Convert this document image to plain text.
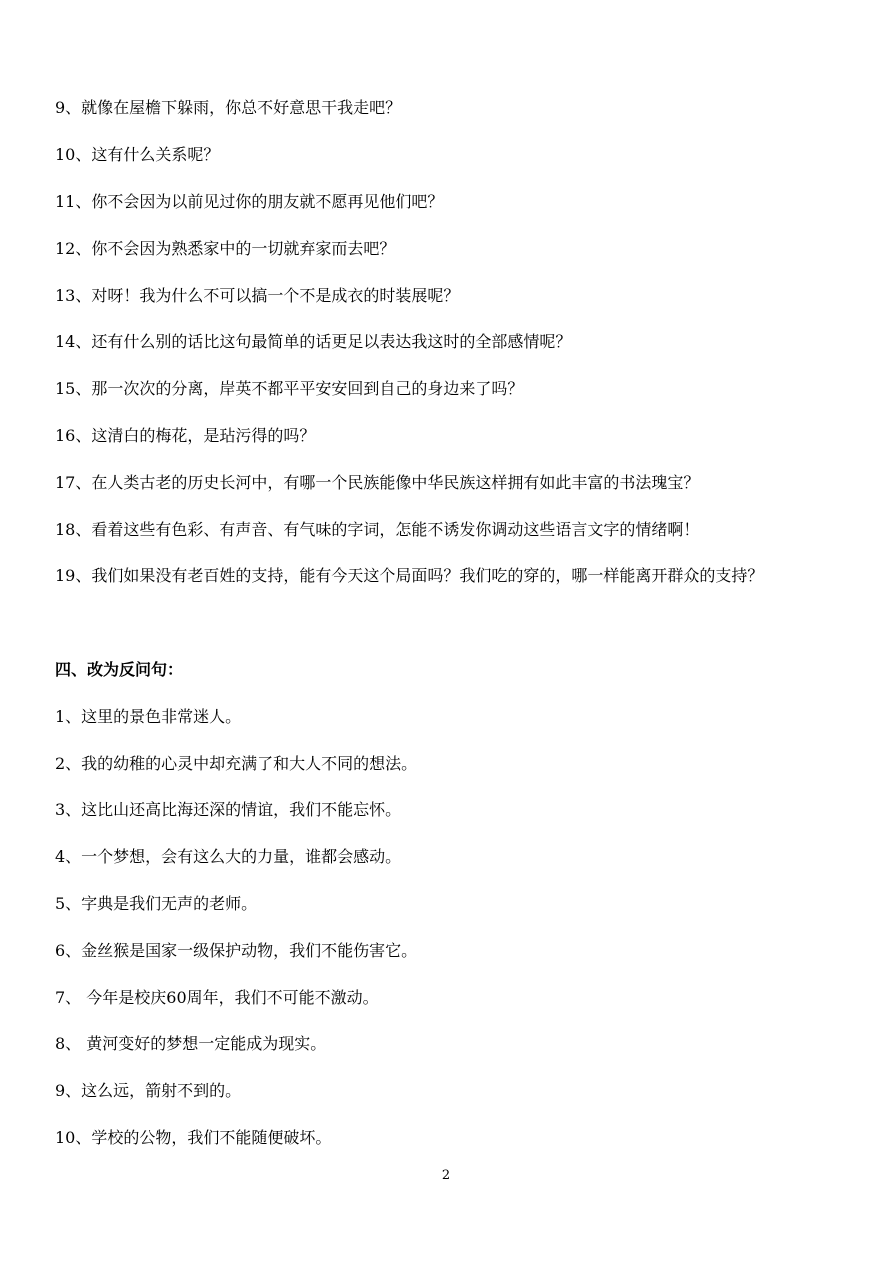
9、就像在屋檐下躲雨，你总不好意思干我走吧？
10、这有什么关系呢？
11、你不会因为以前见过你的朋友就不愿再见他们吧？
12、你不会因为熟悉家中的一切就弃家而去吧？
13、对呀！我为什么不可以搞一个不是成衣的时装展呢？
14、还有什么别的话比这句最简单的话更足以表达我这时的全部感情呢？
15、那一次次的分离，岸英不都平平安安回到自己的身边来了吗？
16、这清白的梅花，是玷污得的吗？
17、在人类古老的历史长河中，有哪一个民族能像中华民族这样拥有如此丰富的书法瑰宝？
18、看着这些有色彩、有声音、有气味的字词，怎能不诱发你调动这些语言文字的情绪啊！
19、我们如果没有老百姓的支持，能有今天这个局面吗？我们吃的穿的，哪一样能离开群众的支持？
四、改为反问句：
1、这里的景色非常迷人。
2、我的幼稚的心灵中却充满了和大人不同的想法。
3、这比山还高比海还深的情谊，我们不能忘怀。
4、一个梦想，会有这么大的力量，谁都会感动。
5、字典是我们无声的老师。
6、金丝猴是国家一级保护动物，我们不能伤害它。
7、 今年是校庆60周年，我们不可能不激动。
8、 黄河变好的梦想一定能成为现实。
9、这么远，箭射不到的。
10、学校的公物，我们不能随便破坏。
2
